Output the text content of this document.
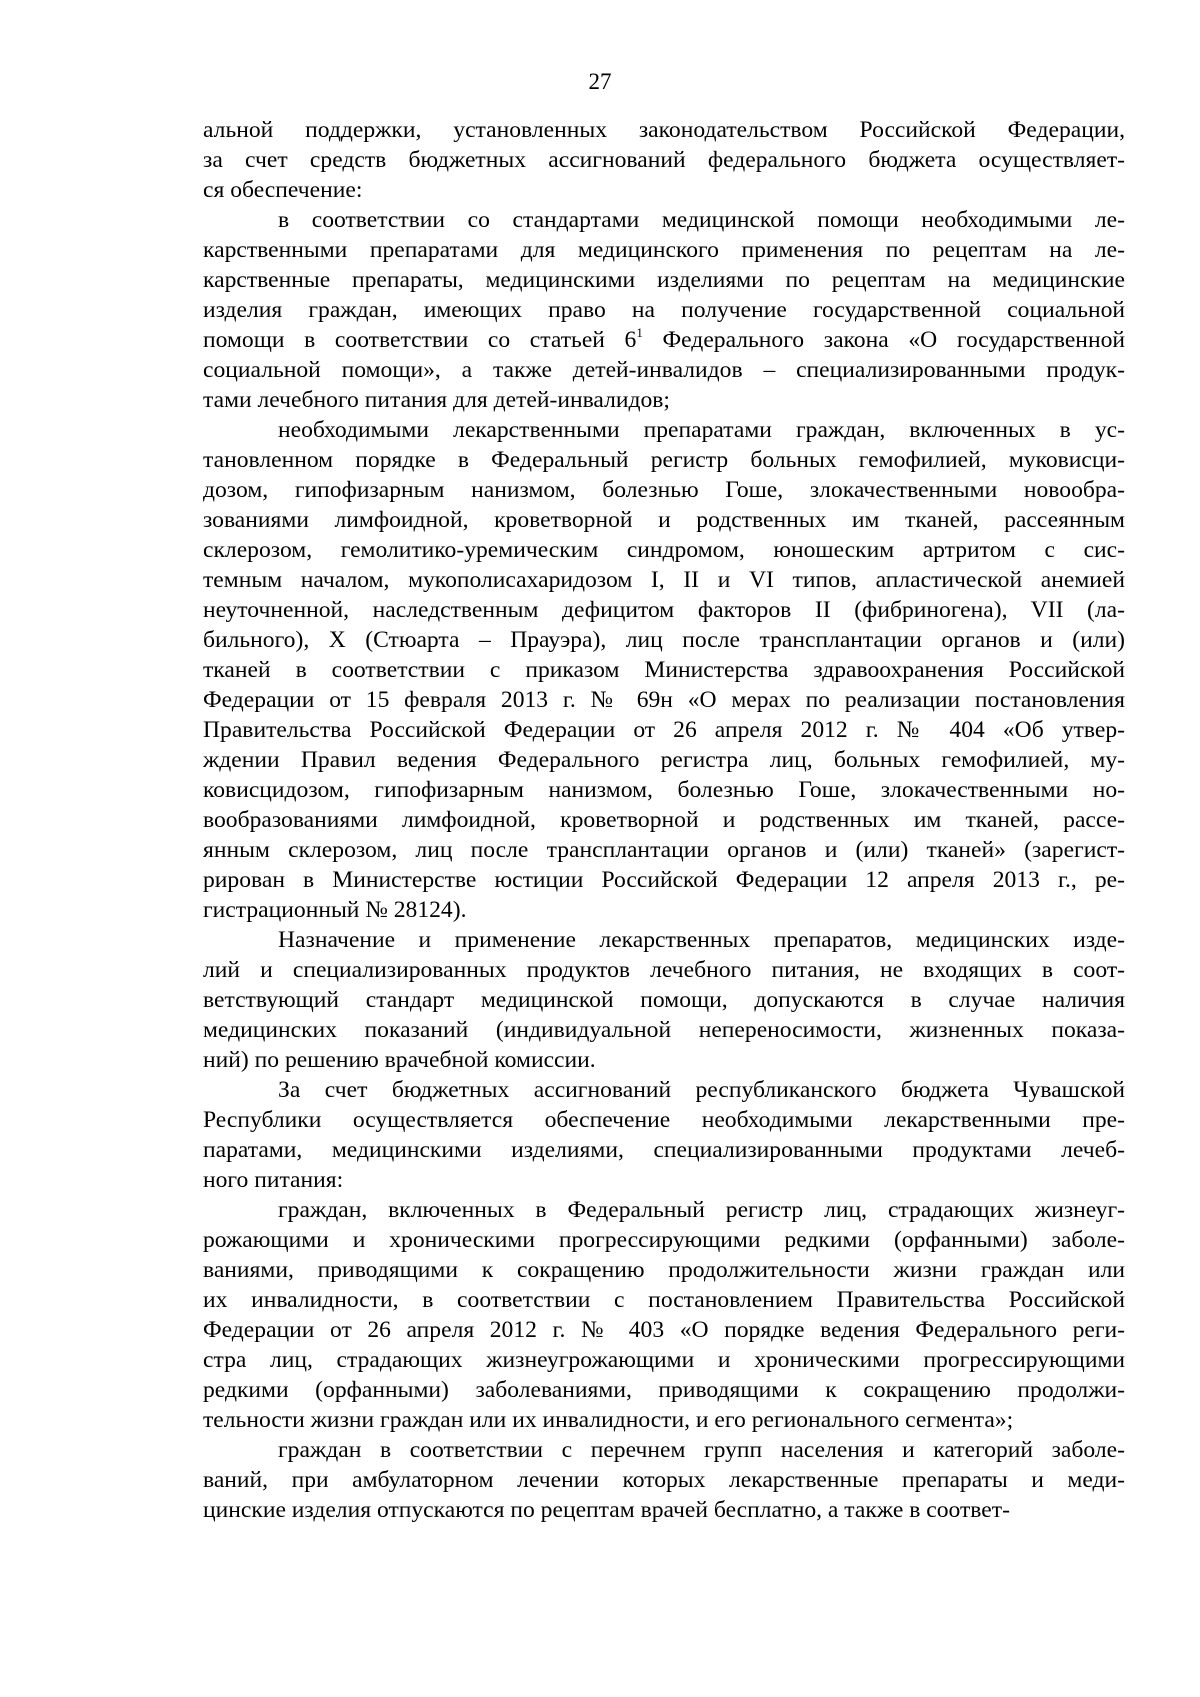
27
альной поддержки, установленных законодательством Российской Федерации,
за счет средств бюджетных ассигнований федерального бюджета осуществляет-
ся обеспечение:
в соответствии со стандартами медицинской помощи необходимыми ле-
карственными препаратами для медицинского применения по рецептам на ле-
карственные препараты, медицинскими изделиями по рецептам на медицинские
изделия граждан, имеющих право на получение государственной социальной
помощи в соответствии со статьей $6^1$ Федерального закона «О государственной
социальной помощи», а также детей-инвалидов – специализированными продук-
тами лечебного питания для детей-инвалидов;
необходимыми лекарственными препаратами граждан, включенных в ус-
тановленном порядке в Федеральный регистр больных гемофилией, муковисци-
дозом, гипофизарным нанизмом, болезнью Гоше, злокачественными новообра-
зованиями лимфоидной, кроветворной и родственных им тканей, рассеянным
склерозом, гемолитико-уремическим синдромом, юношеским артритом с сис-
темным началом, мукополисахаридозом I, II и VI типов, апластической анемией
неуточненной, наследственным дефицитом факторов II (фибриногена), VII (ла-
бильного), X (Стюарта – Прауэра), лиц после трансплантации органов и (или)
тканей в соответствии с приказом Министерства здравоохранения Российской
Федерации от 15 февраля 2013 г. № 69н «О мерах по реализации постановления
Правительства Российской Федерации от 26 апреля 2012 г. № 404 «Об утвер-
ждении Правил ведения Федерального регистра лиц, больных гемофилией, му-
ковисцидозом, гипофизарным нанизмом, болезнью Гоше, злокачественными но-
вообразованиями лимфоидной, кроветворной и родственных им тканей, рассе-
янным склерозом, лиц после трансплантации органов и (или) тканей» (зарегист-
рирован в Министерстве юстиции Российской Федерации 12 апреля 2013 г., ре-
гистрационный № 28124).
Назначение и применение лекарственных препаратов, медицинских изде-
лий и специализированных продуктов лечебного питания, не входящих в соот-
ветствующий стандарт медицинской помощи, допускаются в случае наличия
медицинских показаний (индивидуальной непереносимости, жизненных показа-
ний) по решению врачебной комиссии.
За счет бюджетных ассигнований республиканского бюджета Чувашской
Республики осуществляется обеспечение необходимыми лекарственными пре-
паратами, медицинскими изделиями, специализированными продуктами лечеб-
ного питания:
граждан, включенных в Федеральный регистр лиц, страдающих жизнеуг-
рожающими и хроническими прогрессирующими редкими (орфанными) заболе-
ваниями, приводящими к сокращению продолжительности жизни граждан или
их инвалидности, в соответствии с постановлением Правительства Российской
Федерации от 26 апреля 2012 г. № 403 «О порядке ведения Федерального реги-
стра лиц, страдающих жизнеугрожающими и хроническими прогрессирующими
редкими (орфанными) заболеваниями, приводящими к сокращению продолжи-
тельности жизни граждан или их инвалидности, и его регионального сегмента»;
граждан в соответствии с перечнем групп населения и категорий заболе-
ваний, при амбулаторном лечении которых лекарственные препараты и меди-
цинские изделия отпускаются по рецептам врачей бесплатно, а также в соответ-
